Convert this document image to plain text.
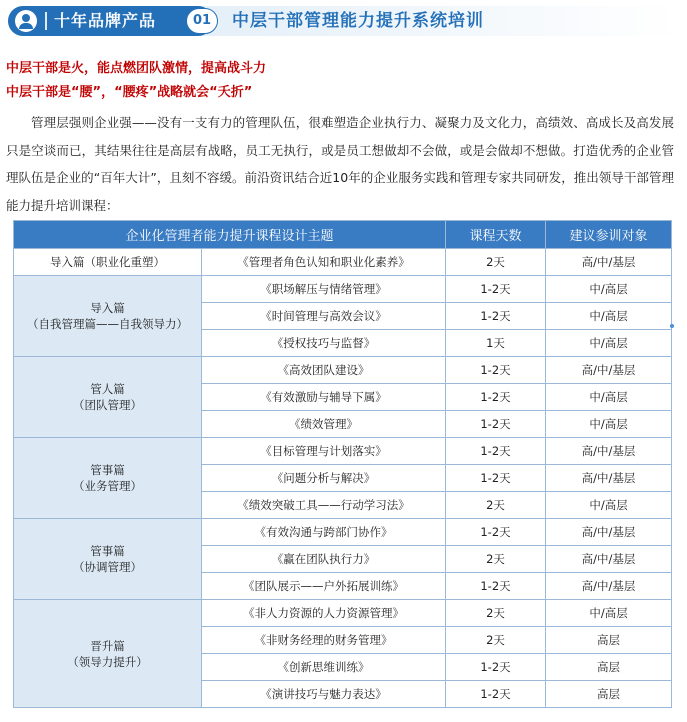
十年品牌产品	01	中层干部管理能力提升系统培训
中层干部是火，能点燃团队激情，提高战斗力
中层干部是“腰”，“腰疼”战略就会“夭折”
管理层强则企业强——没有一支有力的管理队伍，很难塑造企业执行力、凝聚力及文化力，高绩效、高成长及高发展只是空谈而已，其结果往往是高层有战略，员工无执行，或是员工想做却不会做，或是会做却不想做。打造优秀的企业管理队伍是企业的“百年大计”，且刻不容缓。前沿资讯结合近10年的企业服务实践和管理专家共同研发，推出领导干部管理能力提升培训课程：
企业化管理者能力提升课程设计主题		课程天数	建议参训对象

导入篇（职业化重塑）	《管理者角色认知和职业化素养》	2天	高/中/基层

导入篇
（自我管理篇——自我领导力）	《职场解压与情绪管理》	1-2天	中/高层
	《时间管理与高效会议》	1-2天	中/高层
	《授权技巧与监督》	1天	中/高层

管人篇
（团队管理）	《高效团队建设》	1-2天	高/中/基层
	《有效激励与辅导下属》	1-2天	中/高层
	《绩效管理》	1-2天	中/高层

管事篇
（业务管理）	《目标管理与计划落实》	1-2天	高/中/基层
	《问题分析与解决》	1-2天	高/中/基层
	《绩效突破工具——行动学习法》	2天	中/高层

管事篇
（协调管理）	《有效沟通与跨部门协作》	1-2天	高/中/基层
	《赢在团队执行力》	2天	高/中/基层
	《团队展示——户外拓展训练》	1-2天	高/中/基层

晋升篇
（领导力提升）	《非人力资源的人力资源管理》	2天	中/高层
	《非财务经理的财务管理》	2天	高层
	《创新思维训练》	1-2天	高层
	《演讲技巧与魅力表达》	1-2天	高层
